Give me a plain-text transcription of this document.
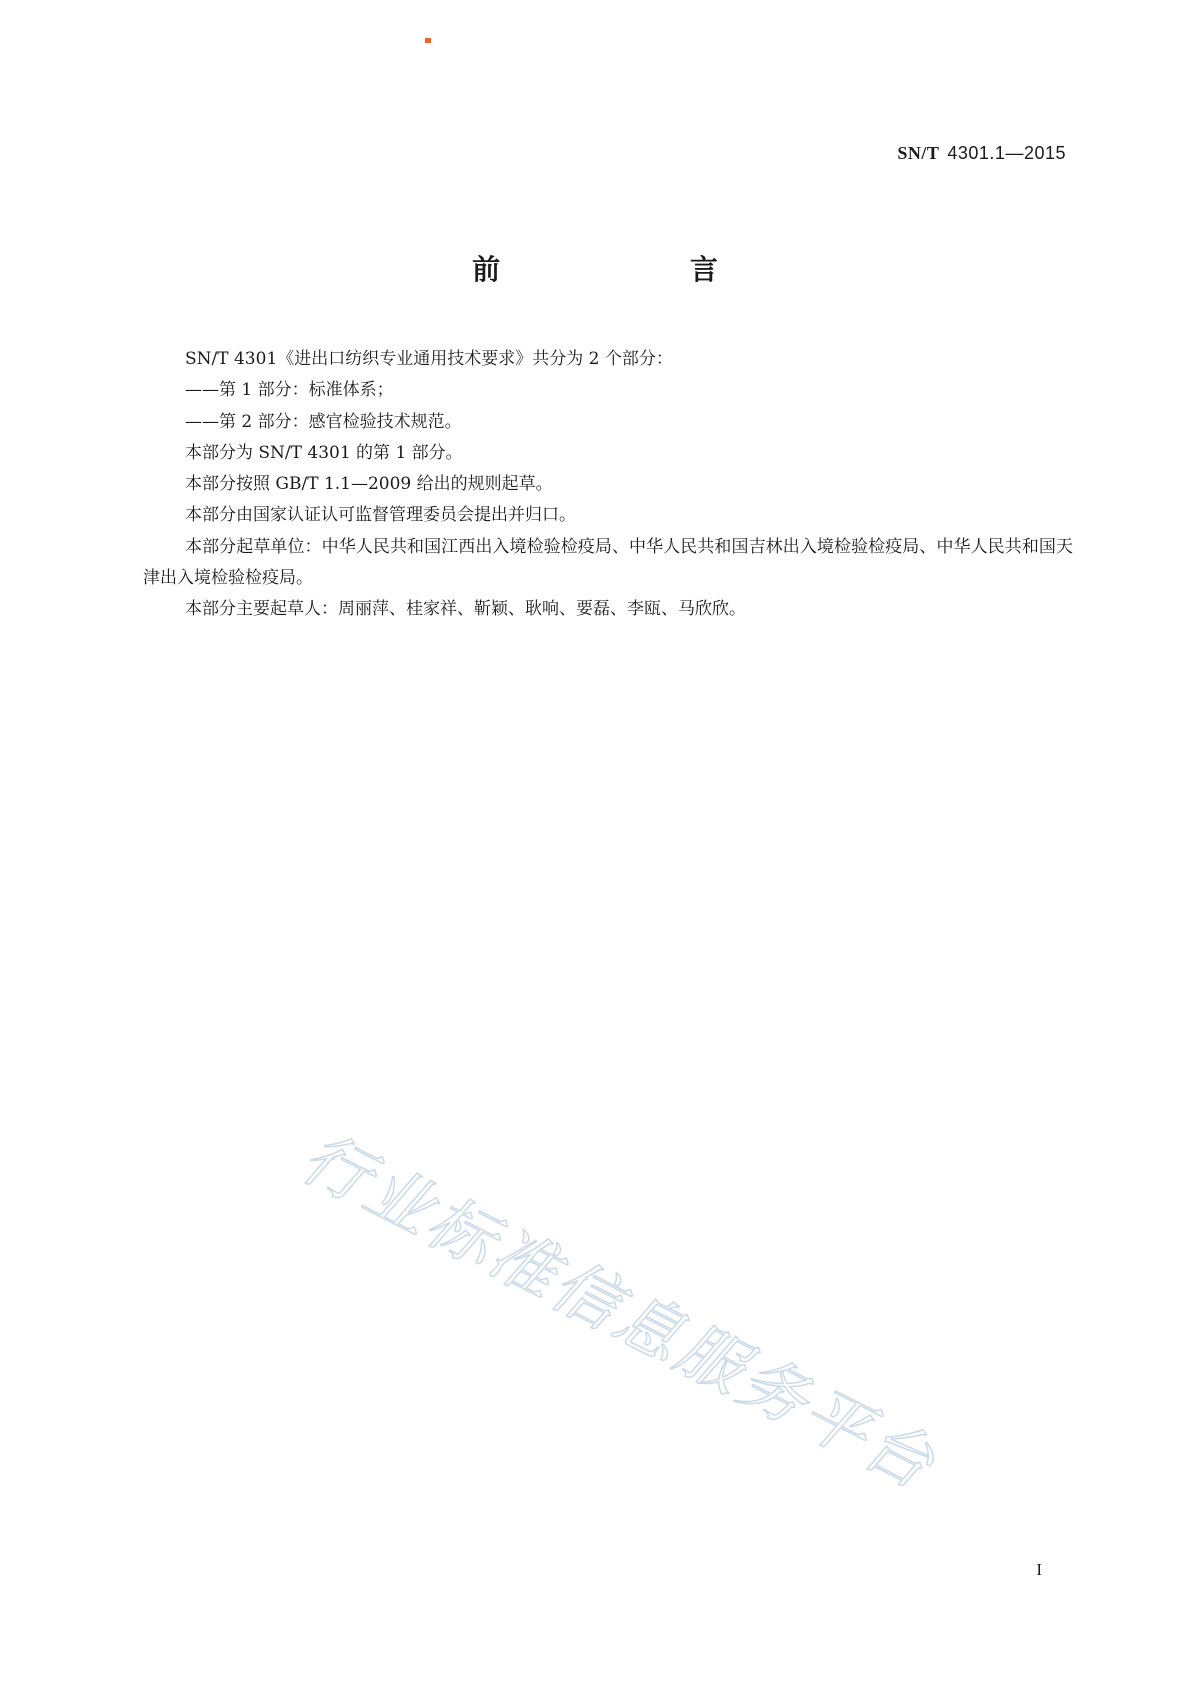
SN/T 4301.1—2015
前 言

SN/T 4301《进出口纺织专业通用技术要求》共分为 2 个部分：

——第 1 部分：标准体系；

——第 2 部分：感官检验技术规范。

本部分为 SN/T 4301 的第 1 部分。

本部分按照 GB/T 1.1—2009 给出的规则起草。

本部分由国家认证认可监督管理委员会提出并归口。

本部分起草单位：中华人民共和国江西出入境检验检疫局、中华人民共和国吉林出入境检验检疫局、中华人民共和国天津出入境检验检疫局。

本部分主要起草人：周丽萍、桂家祥、靳颖、耿响、要磊、李瓯、马欣欣。

行业标准信息服务平台
I
